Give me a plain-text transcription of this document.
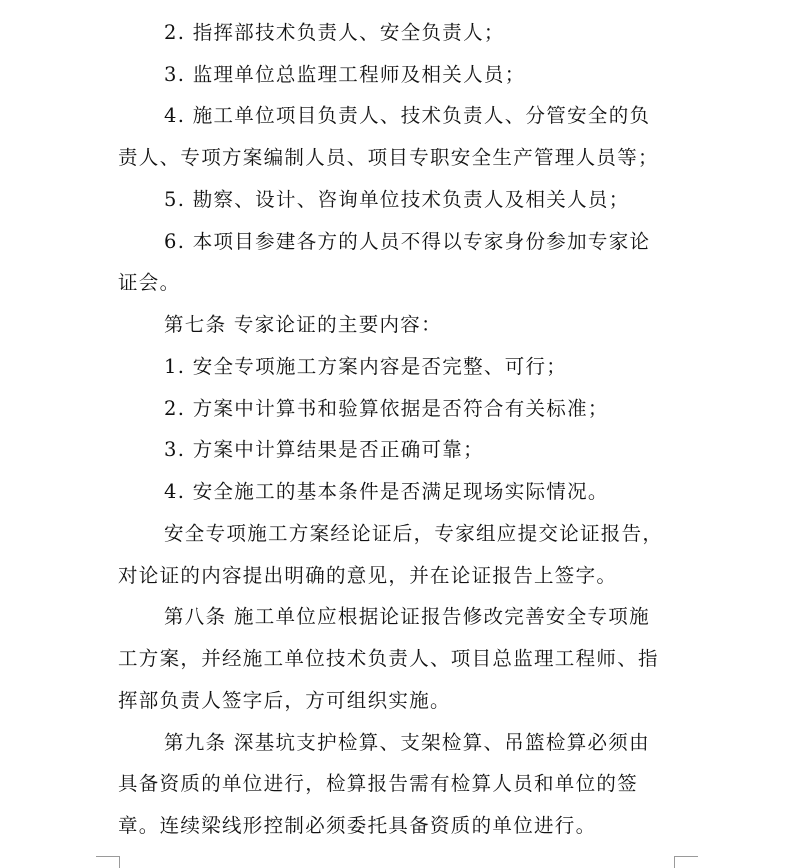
2. 指挥部技术负责人、安全负责人；
3. 监理单位总监理工程师及相关人员；
4. 施工单位项目负责人、技术负责人、分管安全的负
责人、专项方案编制人员、项目专职安全生产管理人员等；
5. 勘察、设计、咨询单位技术负责人及相关人员；
6. 本项目参建各方的人员不得以专家身份参加专家论
证会。
第七条 专家论证的主要内容：
1. 安全专项施工方案内容是否完整、可行；
2. 方案中计算书和验算依据是否符合有关标准；
3. 方案中计算结果是否正确可靠；
4. 安全施工的基本条件是否满足现场实际情况。
安全专项施工方案经论证后，专家组应提交论证报告，
对论证的内容提出明确的意见，并在论证报告上签字。
第八条 施工单位应根据论证报告修改完善安全专项施
工方案，并经施工单位技术负责人、项目总监理工程师、指
挥部负责人签字后，方可组织实施。
第九条 深基坑支护检算、支架检算、吊篮检算必须由
具备资质的单位进行，检算报告需有检算人员和单位的签
章。连续梁线形控制必须委托具备资质的单位进行。
